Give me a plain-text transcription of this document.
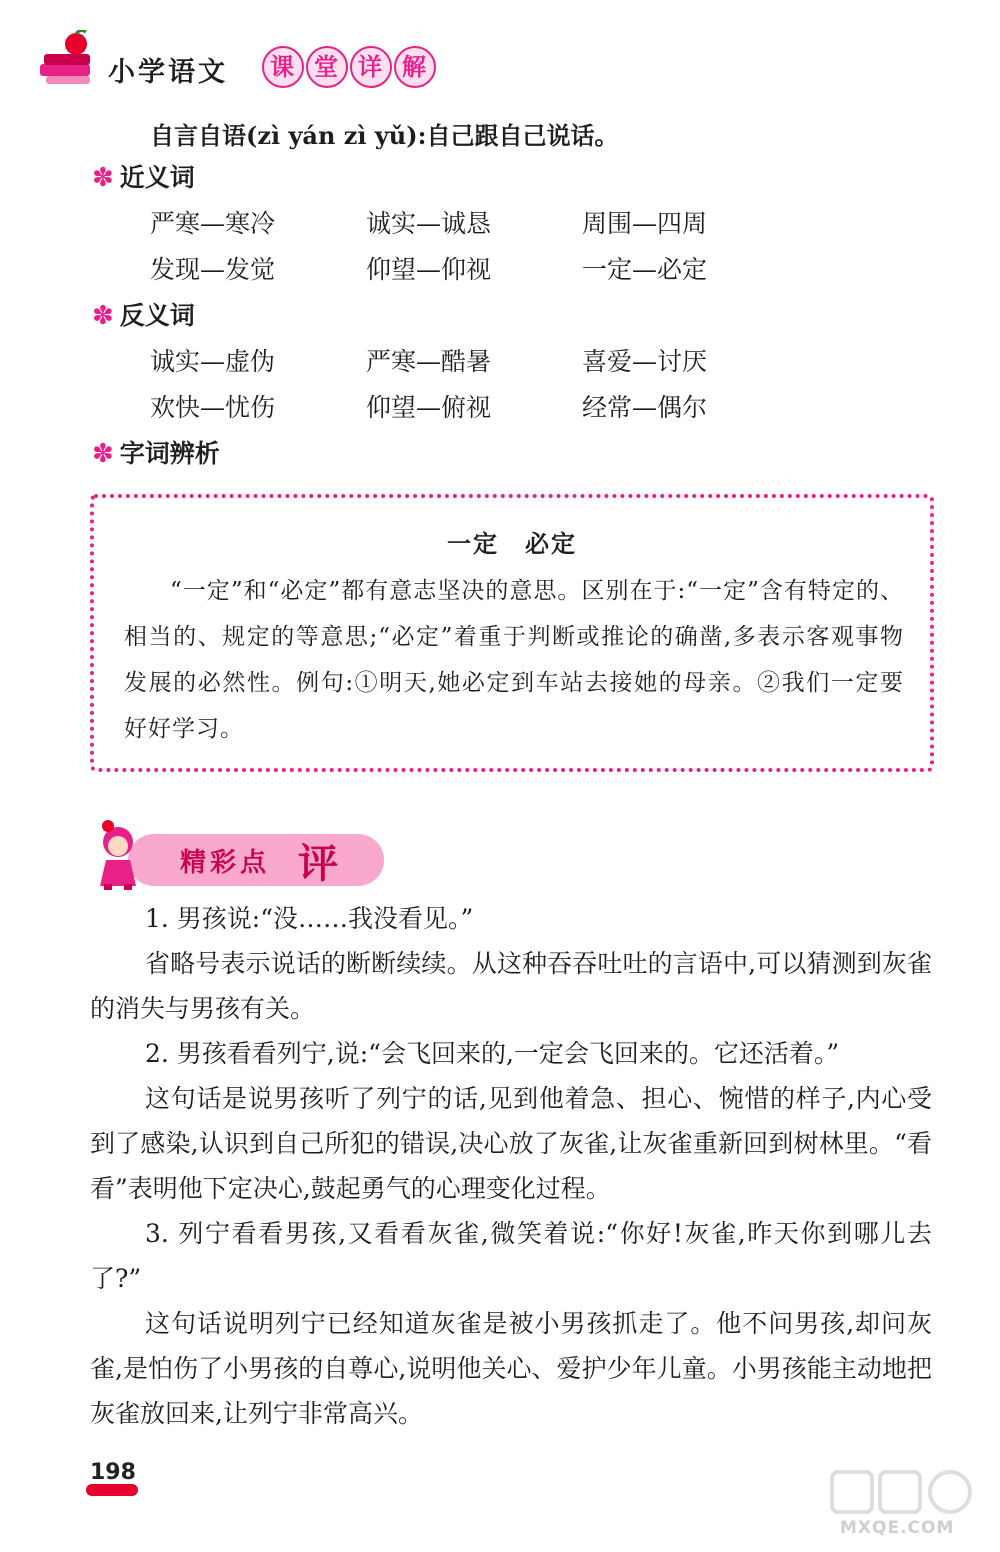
小学语文	课 堂 详 解
自言自语(zì yán zì yǔ):自己跟自己说话。
✽ 近义词
严寒—寒冷	诚实—诚恳	周围—四周
发现—发觉	仰望—仰视	一定—必定
✽ 反义词
诚实—虚伪	严寒—酷暑	喜爱—讨厌
欢快—忧伤	仰望—俯视	经常—偶尔
✽ 字词辨析
一定　必定
“一定”和“必定”都有意志坚决的意思。区别在于:“一定”含有特定的、相当的、规定的等意思;“必定”着重于判断或推论的确凿,多表示客观事物发展的必然性。例句:①明天,她必定到车站去接她的母亲。②我们一定要好好学习。
精彩点 评
1. 男孩说:“没……我没看见。”
省略号表示说话的断断续续。从这种吞吞吐吐的言语中,可以猜测到灰雀的消失与男孩有关。
2. 男孩看看列宁,说:“会飞回来的,一定会飞回来的。它还活着。”
这句话是说男孩听了列宁的话,见到他着急、担心、惋惜的样子,内心受到了感染,认识到自己所犯的错误,决心放了灰雀,让灰雀重新回到树林里。“看看”表明他下定决心,鼓起勇气的心理变化过程。
3. 列宁看看男孩,又看看灰雀,微笑着说:“你好!灰雀,昨天你到哪儿去了?”
这句话说明列宁已经知道灰雀是被小男孩抓走了。他不问男孩,却问灰雀,是怕伤了小男孩的自尊心,说明他关心、爱护少年儿童。小男孩能主动地把灰雀放回来,让列宁非常高兴。
198
MXQE.COM
